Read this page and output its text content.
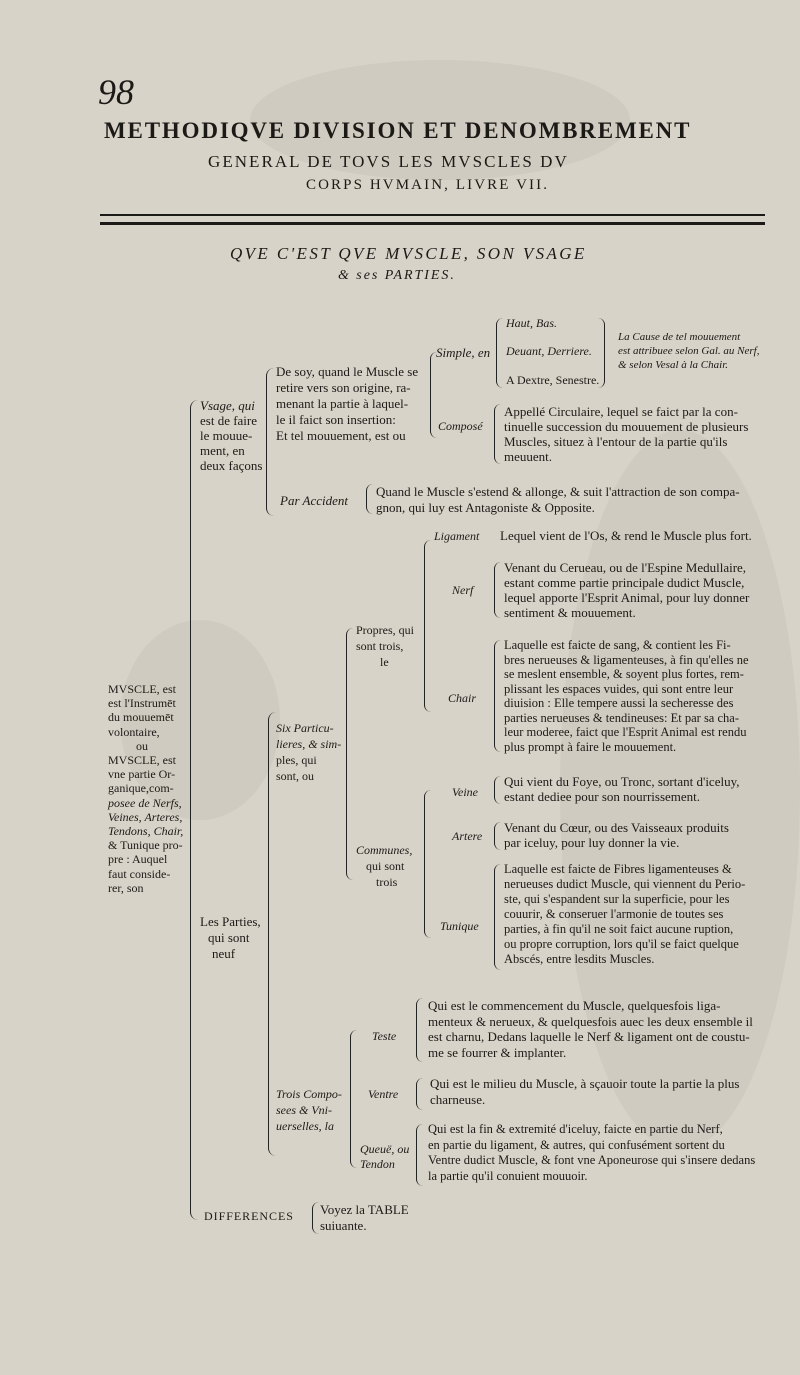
98
METHODIQVE DIVISION ET DENOMBREMENT
GENERAL DE TOVS LES MVSCLES DV
CORPS HVMAIN, LIVRE VII.
QVE C'EST QVE MVSCLE, SON VSAGE
& ses PARTIES.
MVSCLE, est
est l'Instrumēt
du mouuemēt
volontaire,
ou
MVSCLE, est
vne partie Or-
ganique,com-
posee de Nerfs,
Veines, Arteres,
Tendons, Chair,
& Tunique pro-
pre : Auquel
faut conside-
rer, son
Vsage, qui
est de faire
le mouue-
ment, en
deux façons
De soy, quand le Muscle se
retire vers son origine, ra-
menant la partie à laquel-
le il faict son insertion:
Et tel mouuement, est ou
Simple, en
Haut, Bas.
Deuant, Derriere.
A Dextre, Senestre.
La Cause de tel mouuement
est attribuee selon Gal. au Nerf,
& selon Vesal à la Chair.
Composé
Appellé Circulaire, lequel se faict par la con-
tinuelle succession du mouuement de plusieurs
Muscles, situez à l'entour de la partie qu'ils
meuuent.
Par Accident
Quand le Muscle s'estend & allonge, & suit l'attraction de son compa-
gnon, qui luy est Antagoniste & Opposite.
Les Parties,
qui sont
neuf
Six Particu-
lieres, & sim-
ples, qui
sont, ou
Propres, qui
sont trois,
le
Ligament Lequel vient de l'Os, & rend le Muscle plus fort.
Nerf
Venant du Cerueau, ou de l'Espine Medullaire,
estant comme partie principale dudict Muscle,
lequel apporte l'Esprit Animal, pour luy donner
sentiment & mouuement.
Chair
Laquelle est faicte de sang, & contient les Fi-
bres nerueuses & ligamenteuses, à fin qu'elles ne
se meslent ensemble, & soyent plus fortes, rem-
plissant les espaces vuides, qui sont entre leur
diuision : Elle tempere aussi la secheresse des
parties nerueuses & tendineuses: Et par sa cha-
leur moderee, faict que l'Esprit Animal est rendu
plus prompt à faire le mouuement.
Communes,
qui sont
trois
Veine
Qui vient du Foye, ou Tronc, sortant d'iceluy,
estant dediee pour son nourrissement.
Artere
Venant du Cœur, ou des Vaisseaux produits
par iceluy, pour luy donner la vie.
Tunique
Laquelle est faicte de Fibres ligamenteuses &
nerueuses dudict Muscle, qui viennent du Perio-
ste, qui s'espandent sur la superficie, pour les
couurir, & conseruer l'armonie de toutes ses
parties, à fin qu'il ne soit faict aucune ruption,
ou propre corruption, lors qu'il se faict quelque
Abscés, entre lesdits Muscles.
Trois Compo-
sees & Vni-
uerselles, la
Teste
Qui est le commencement du Muscle, quelquesfois liga-
menteux & nerueux, & quelquesfois auec les deux ensemble il
est charnu, Dedans laquelle le Nerf & ligament ont de coustu-
me se fourrer & implanter.
Ventre
Qui est le milieu du Muscle, à sçauoir toute la partie la plus
charneuse.
Queuë, ou
Tendon
Qui est la fin & extremité d'iceluy, faicte en partie du Nerf,
en partie du ligament, & autres, qui confusément sortent du
Ventre dudict Muscle, & font vne Aponeurose qui s'insere dedans
la partie qu'il conuient mouuoir.
DIFFERENCES Voyez la TABLE
suiuante.
